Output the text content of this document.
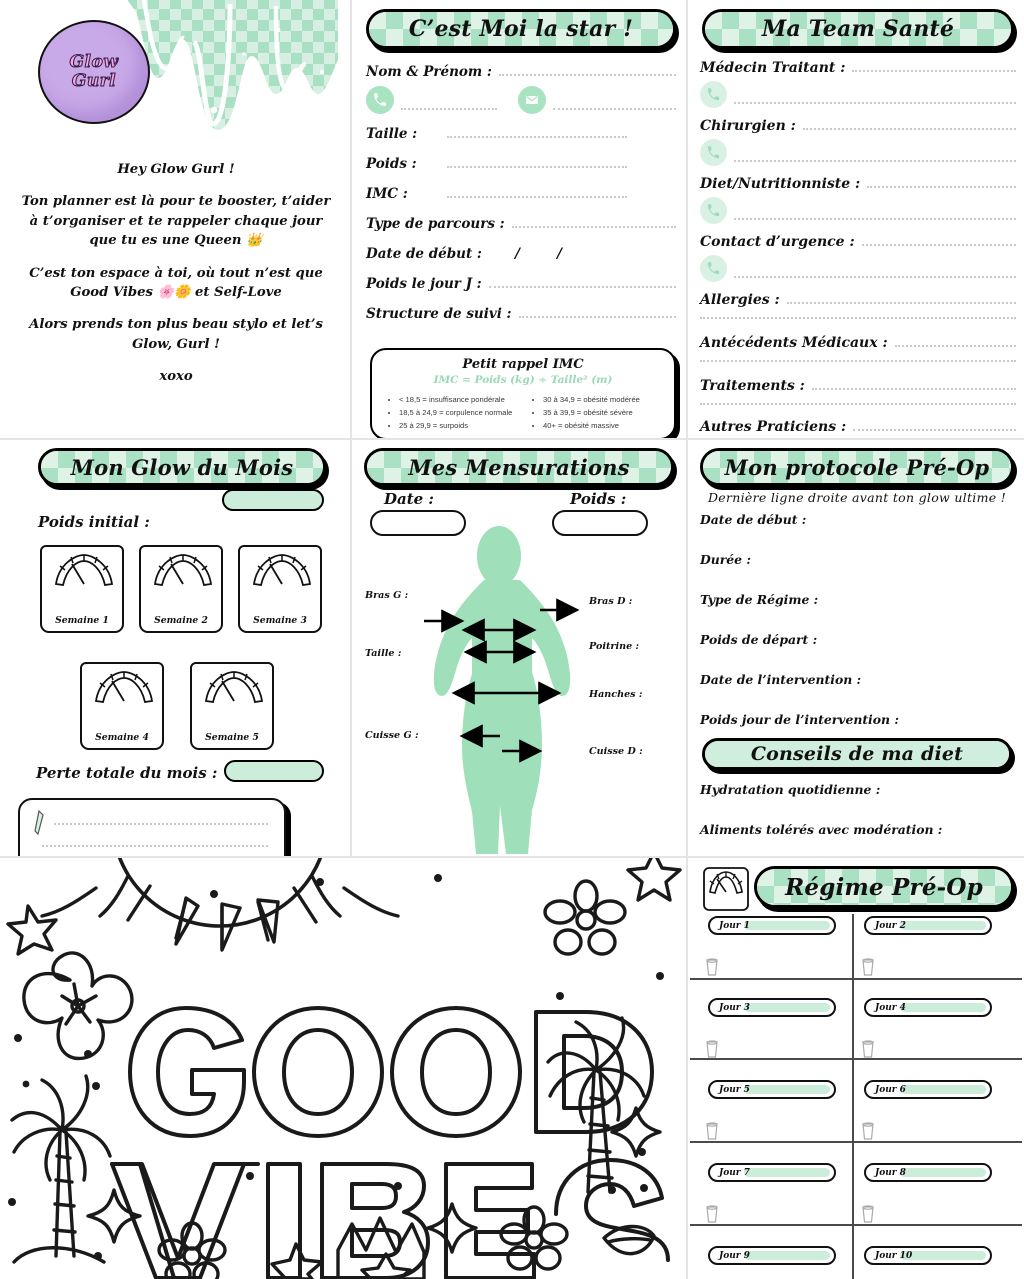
Glow
Gurl

Hey Glow Gurl !

Ton planner est là pour te booster, t’aider à t’organiser et te rappeler chaque jour que tu es une Queen 👑

C’est ton espace à toi, où tout n’est que Good Vibes 🌸🌼 et Self-Love

Alors prends ton plus beau stylo et let’s Glow, Gurl !

xoxo

C’est Moi la star !
Nom & Prénom :
Taille :
Poids :
IMC :
Type de parcours :
Date de début : / /
Poids le jour J :
Structure de suivi :
Petit rappel IMC
IMC = Poids (kg) ÷ Taille² (m)
• < 18,5 = insuffisance pondérale
• 18,5 à 24,9 = corpulence normale
• 25 à 29,9 = surpoids
• 30 à 34,9 = obésité modérée
• 35 à 39,9 = obésité sévère
• 40+ = obésité massive
Ma Team Santé
Médecin Traitant :
Chirurgien :
Diet/Nutritionniste :
Contact d’urgence :
Allergies :
Antécédents Médicaux :
Traitements :
Autres Praticiens :
Mon Glow du Mois
Poids initial :
Semaine 1	Semaine 2	Semaine 3
Semaine 4	Semaine 5
Perte totale du mois :
Mes Mensurations
Date :	Poids :
Bras G :
Taille :
Cuisse G :
Bras D :
Poitrine :
Hanches :
Cuisse D :
Mon protocole Pré-Op
Dernière ligne droite avant ton glow ultime !
Date de début :
Durée :
Type de Régime :
Poids de départ :
Date de l’intervention :
Poids jour de l’intervention :
Conseils de ma diet
Hydratation quotidienne :
Aliments tolérés avec modération :
Régime Pré-Op
Jour 1	Jour 2
Jour 3	Jour 4
Jour 5	Jour 6
Jour 7	Jour 8
Jour 9	Jour 10
